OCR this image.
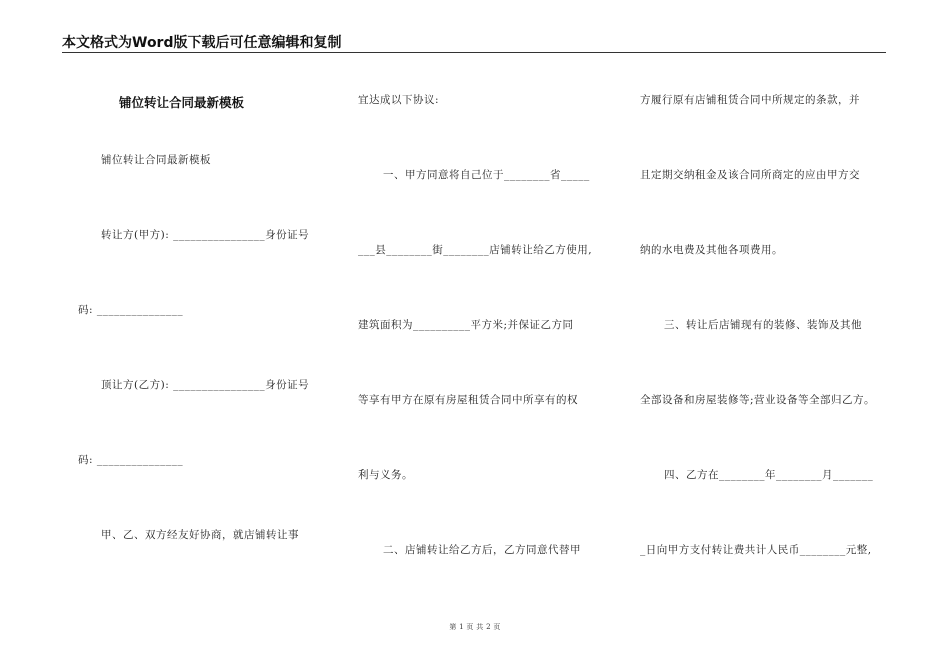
本文格式为Word版下载后可任意编辑和复制
铺位转让合同最新模板
铺位转让合同最新模板
转让方(甲方): ________________身份证号
码: _______________
顶让方(乙方): ________________身份证号
码: _______________
甲、乙、双方经友好协商，就店铺转让事
宜达成以下协议:
一、甲方同意将自己位于________省_____
___县________街________店铺转让给乙方使用,
建筑面积为__________平方米;并保证乙方同
等享有甲方在原有房屋租赁合同中所享有的权
利与义务。
二、店铺转让给乙方后，乙方同意代替甲
方履行原有店铺租赁合同中所规定的条款，并
且定期交纳租金及该合同所商定的应由甲方交
纳的水电费及其他各项费用。
三、转让后店铺现有的装修、装饰及其他
全部设备和房屋装修等;营业设备等全部归乙方。
四、乙方在________年________月_______
_日向甲方支付转让费共计人民币________元整,
第 1 页 共 2 页
